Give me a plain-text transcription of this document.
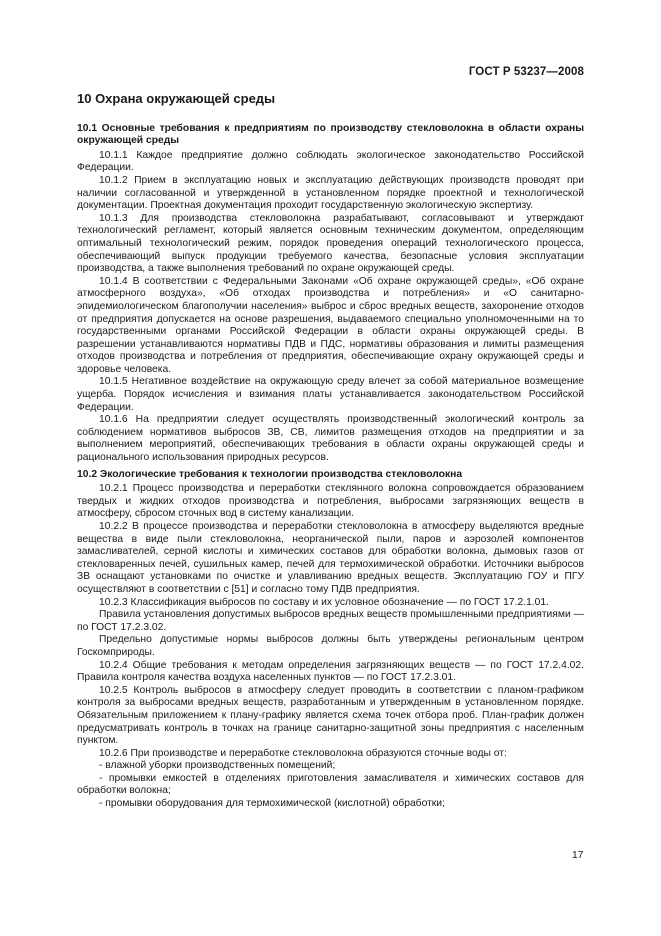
ГОСТ Р 53237—2008

10 Охрана окружающей среды

10.1 Основные требования к предприятиям по производству стекловолокна в области охраны окружающей среды

10.1.1 Каждое предприятие должно соблюдать экологическое законодательство Российской Федерации.

10.1.2 Прием в эксплуатацию новых и эксплуатацию действующих производств проводят при наличии согласованной и утвержденной в установленном порядке проектной и технологической документации. Проектная документация проходит государственную экологическую экспертизу.

10.1.3 Для производства стекловолокна разрабатывают, согласовывают и утверждают технологический регламент, который является основным техническим документом, определяющим оптимальный технологический режим, порядок проведения операций технологического процесса, обеспечивающий выпуск продукции требуемого качества, безопасные условия эксплуатации производства, а также выполнения требований по охране окружающей среды.

10.1.4 В соответствии с Федеральными Законами «Об охране окружающей среды», «Об охране атмосферного воздуха», «Об отходах производства и потребления» и «О санитарно-эпидемиологическом благополучии населения» выброс и сброс вредных веществ, захоронение отходов от предприятия допускается на основе разрешения, выдаваемого специально уполномоченными на то государственными органами Российской Федерации в области охраны окружающей среды. В разрешении устанавливаются нормативы ПДВ и ПДС, нормативы образования и лимиты размещения отходов производства и потребления от предприятия, обеспечивающие охрану окружающей среды и здоровье человека.

10.1.5 Негативное воздействие на окружающую среду влечет за собой материальное возмещение ущерба. Порядок исчисления и взимания платы устанавливается законодательством Российской Федерации.

10.1.6 На предприятии следует осуществлять производственный экологический контроль за соблюдением нормативов выбросов ЗВ, СВ, лимитов размещения отходов на предприятии и за выполнением мероприятий, обеспечивающих требования в области охраны окружающей среды и рационального использования природных ресурсов.

10.2 Экологические требования к технологии производства стекловолокна

10.2.1 Процесс производства и переработки стеклянного волокна сопровождается образованием твердых и жидких отходов производства и потребления, выбросами загрязняющих веществ в атмосферу, сбросом сточных вод в систему канализации.

10.2.2 В процессе производства и переработки стекловолокна в атмосферу выделяются вредные вещества в виде пыли стекловолокна, неорганической пыли, паров и аэрозолей компонентов замасливателей, серной кислоты и химических составов для обработки волокна, дымовых газов от стекловаренных печей, сушильных камер, печей для термохимической обработки. Источники выбросов ЗВ оснащают установками по очистке и улавливанию вредных веществ. Эксплуатацию ГОУ и ПГУ осуществляют в соответствии с [51] и согласно тому ПДВ предприятия.

10.2.3 Классификация выбросов по составу и их условное обозначение — по ГОСТ 17.2.1.01.

Правила установления допустимых выбросов вредных веществ промышленными предприятиями — по ГОСТ 17.2.3.02.

Предельно допустимые нормы выбросов должны быть утверждены региональным центром Госкомприроды.

10.2.4 Общие требования к методам определения загрязняющих веществ — по ГОСТ 17.2.4.02. Правила контроля качества воздуха населенных пунктов — по ГОСТ 17.2.3.01.

10.2.5 Контроль выбросов в атмосферу следует проводить в соответствии с планом-графиком контроля за выбросами вредных веществ, разработанным и утвержденным в установленном порядке. Обязательным приложением к плану-графику является схема точек отбора проб. План-график должен предусматривать контроль в точках на границе санитарно-защитной зоны предприятия с населенным пунктом.

10.2.6 При производстве и переработке стекловолокна образуются сточные воды от:

- влажной уборки производственных помещений;

- промывки емкостей в отделениях приготовления замасливателя и химических составов для обработки волокна;

- промывки оборудования для термохимической (кислотной) обработки;

17
